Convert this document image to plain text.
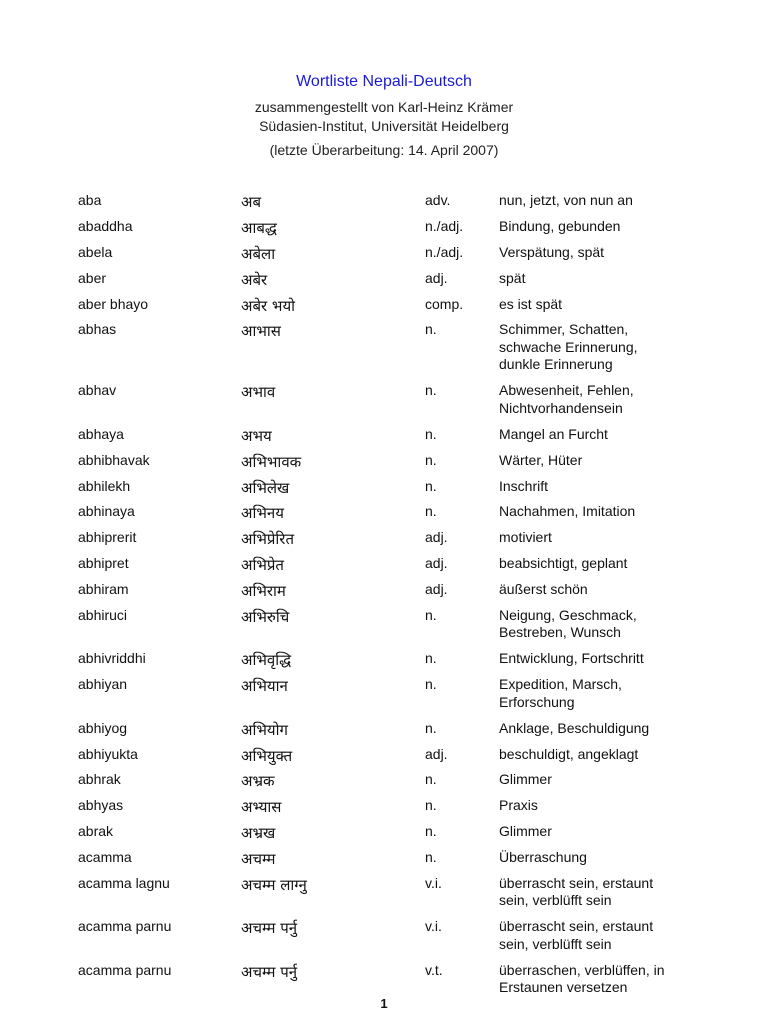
Wortliste Nepali-Deutsch
zusammengestellt von Karl-Heinz Krämer
Südasien-Institut, Universität Heidelberg
(letzte Überarbeitung: 14. April 2007)
aba	अब	adv.	nun, jetzt, von nun an
abaddha	आबद्ध	n./adj.	Bindung, gebunden
abela	अबेला	n./adj.	Verspätung, spät
aber	अबेर	adj.	spät
aber bhayo	अबेर भयो	comp.	es ist spät
abhas	आभास	n.	Schimmer, Schatten,
schwache Erinnerung,
dunkle Erinnerung
abhav	अभाव	n.	Abwesenheit, Fehlen,
Nichtvorhandensein
abhaya	अभय	n.	Mangel an Furcht
abhibhavak	अभिभावक	n.	Wärter, Hüter
abhilekh	अभिलेख	n.	Inschrift
abhinaya	अभिनय	n.	Nachahmen, Imitation
abhiprerit	अभिप्रेरित	adj.	motiviert
abhipret	अभिप्रेत	adj.	beabsichtigt, geplant
abhiram	अभिराम	adj.	äußerst schön
abhiruci	अभिरुचि	n.	Neigung, Geschmack,
Bestreben, Wunsch
abhivriddhi	अभिवृद्धि	n.	Entwicklung, Fortschritt
abhiyan	अभियान	n.	Expedition, Marsch,
Erforschung
abhiyog	अभियोग	n.	Anklage, Beschuldigung
abhiyukta	अभियुक्त	adj.	beschuldigt, angeklagt
abhrak	अभ्रक	n.	Glimmer
abhyas	अभ्यास	n.	Praxis
abrak	अभ्रख	n.	Glimmer
acamma	अचम्म	n.	Überraschung
acamma lagnu	अचम्म लाग्नु	v.i.	überrascht sein, erstaunt
sein, verblüfft sein
acamma parnu	अचम्म पर्नु	v.i.	überrascht sein, erstaunt
sein, verblüfft sein
acamma parnu	अचम्म पर्नु	v.t.	überraschen, verblüffen, in
Erstaunen versetzen
1
